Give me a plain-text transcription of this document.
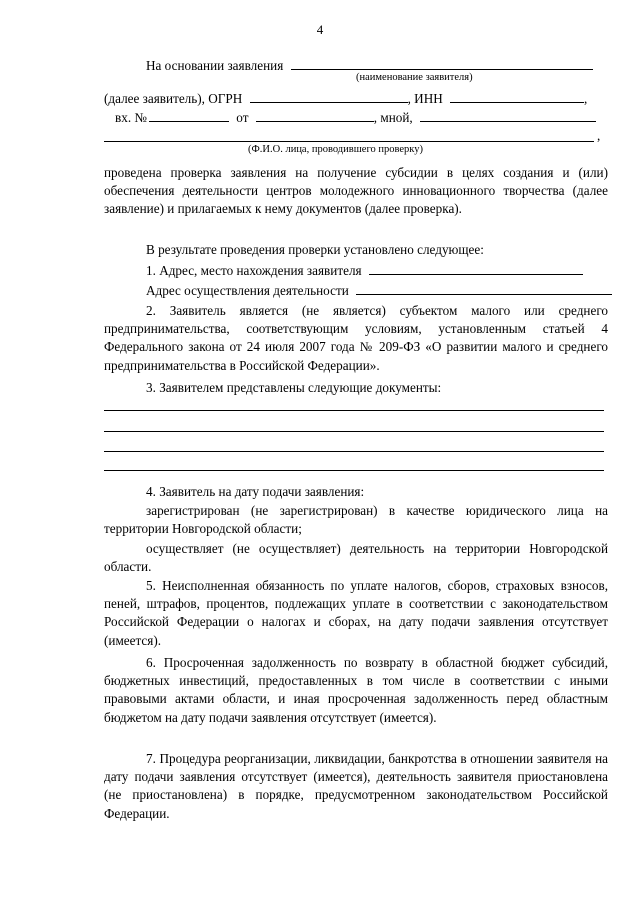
4
На основании заявления
(наименование заявителя)
(далее заявитель), ОГРН	, ИНН	,
вх. №	от	, мной,
,
(Ф.И.О. лица, проводившего проверку)
проведена проверка заявления на получение субсидии в целях создания и (или) обеспечения деятельности центров молодежного инновационного творчества (далее заявление) и прилагаемых к нему документов (далее проверка).
В результате проведения проверки установлено следующее:
1. Адрес, место нахождения заявителя
Адрес осуществления деятельности
2. Заявитель является (не является) субъектом малого или среднего предпринимательства, соответствующим условиям, установленным статьей 4 Федерального закона от 24 июля 2007 года № 209-ФЗ «О развитии малого и среднего предпринимательства в Российской Федерации».
3. Заявителем представлены следующие документы:
4. Заявитель на дату подачи заявления:
зарегистрирован (не зарегистрирован) в качестве юридического лица на территории Новгородской области;
осуществляет (не осуществляет) деятельность на территории Новгородской области.
5. Неисполненная обязанность по уплате налогов, сборов, страховых взносов, пеней, штрафов, процентов, подлежащих уплате в соответствии с законодательством Российской Федерации о налогах и сборах, на дату подачи заявления отсутствует (имеется).
6. Просроченная задолженность по возврату в областной бюджет субсидий, бюджетных инвестиций, предоставленных в том числе в соответствии с иными правовыми актами области, и иная просроченная задолженность перед областным бюджетом на дату подачи заявления отсутствует (имеется).
7. Процедура реорганизации, ликвидации, банкротства в отношении заявителя на дату подачи заявления отсутствует (имеется), деятельность заявителя приостановлена (не приостановлена) в порядке, предусмотренном законодательством Российской Федерации.
